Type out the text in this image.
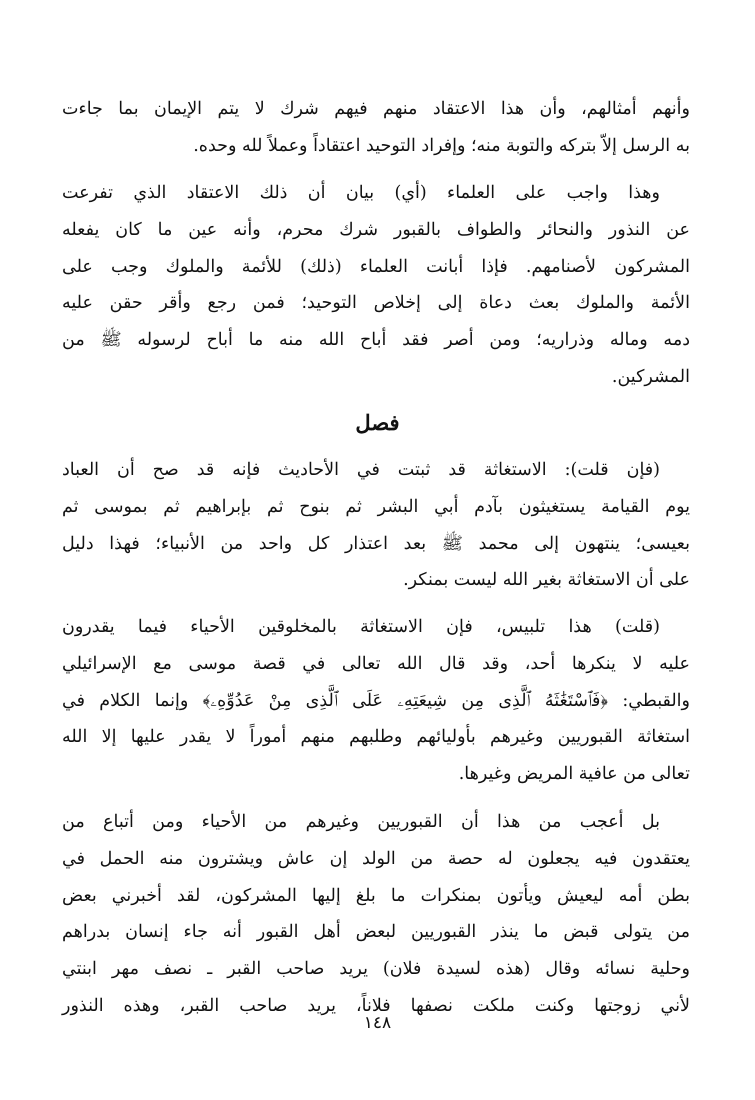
وأنهم أمثالهم، وأن هذا الاعتقاد منهم فيهم شرك لا يتم الإيمان بما جاءت
به الرسل إلاّ بتركه والتوبة منه؛ وإفراد التوحيد اعتقاداً وعملاً لله وحده.
وهذا واجب على العلماء (أي) بيان أن ذلك الاعتقاد الذي تفرعت
عن النذور والنحائر والطواف بالقبور شرك محرم، وأنه عين ما كان يفعله
المشركون لأصنامهم. فإذا أبانت العلماء (ذلك) للأئمة والملوك وجب على
الأئمة والملوك بعث دعاة إلى إخلاص التوحيد؛ فمن رجع وأقر حقن عليه
دمه وماله وذراريه؛ ومن أصر فقد أباح الله منه ما أباح لرسوله ﷺ من
المشركين.
فصل
(فإن قلت): الاستغاثة قد ثبتت في الأحاديث فإنه قد صح أن العباد
يوم القيامة يستغيثون بآدم أبي البشر ثم بنوح ثم بإبراهيم ثم بموسى ثم
بعيسى؛ ينتهون إلى محمد ﷺ بعد اعتذار كل واحد من الأنبياء؛ فهذا دليل
على أن الاستغاثة بغير الله ليست بمنكر.
(قلت) هذا تلبيس، فإن الاستغاثة بالمخلوقين الأحياء فيما يقدرون
عليه لا ينكرها أحد، وقد قال الله تعالى في قصة موسى مع الإسرائيلي
والقبطي: ﴿فَٱسْتَغَٰثَهُ ٱلَّذِى مِن شِيعَتِهِۦ عَلَى ٱلَّذِى مِنْ عَدُوِّهِۦ﴾ وإنما الكلام في
استغاثة القبوريين وغيرهم بأوليائهم وطلبهم منهم أموراً لا يقدر عليها إلا الله
تعالى من عافية المريض وغيرها.
بل أعجب من هذا أن القبوريين وغيرهم من الأحياء ومن أتباع من
يعتقدون فيه يجعلون له حصة من الولد إن عاش ويشترون منه الحمل في
بطن أمه ليعيش ويأتون بمنكرات ما بلغ إليها المشركون، لقد أخبرني بعض
من يتولى قبض ما ينذر القبوريين لبعض أهل القبور أنه جاء إنسان بدراهم
وحلية نسائه وقال (هذه لسيدة فلان) يريد صاحب القبر ـ نصف مهر ابنتي
لأني زوجتها وكنت ملكت نصفها فلاناً، يريد صاحب القبر، وهذه النذور
١٤٨
